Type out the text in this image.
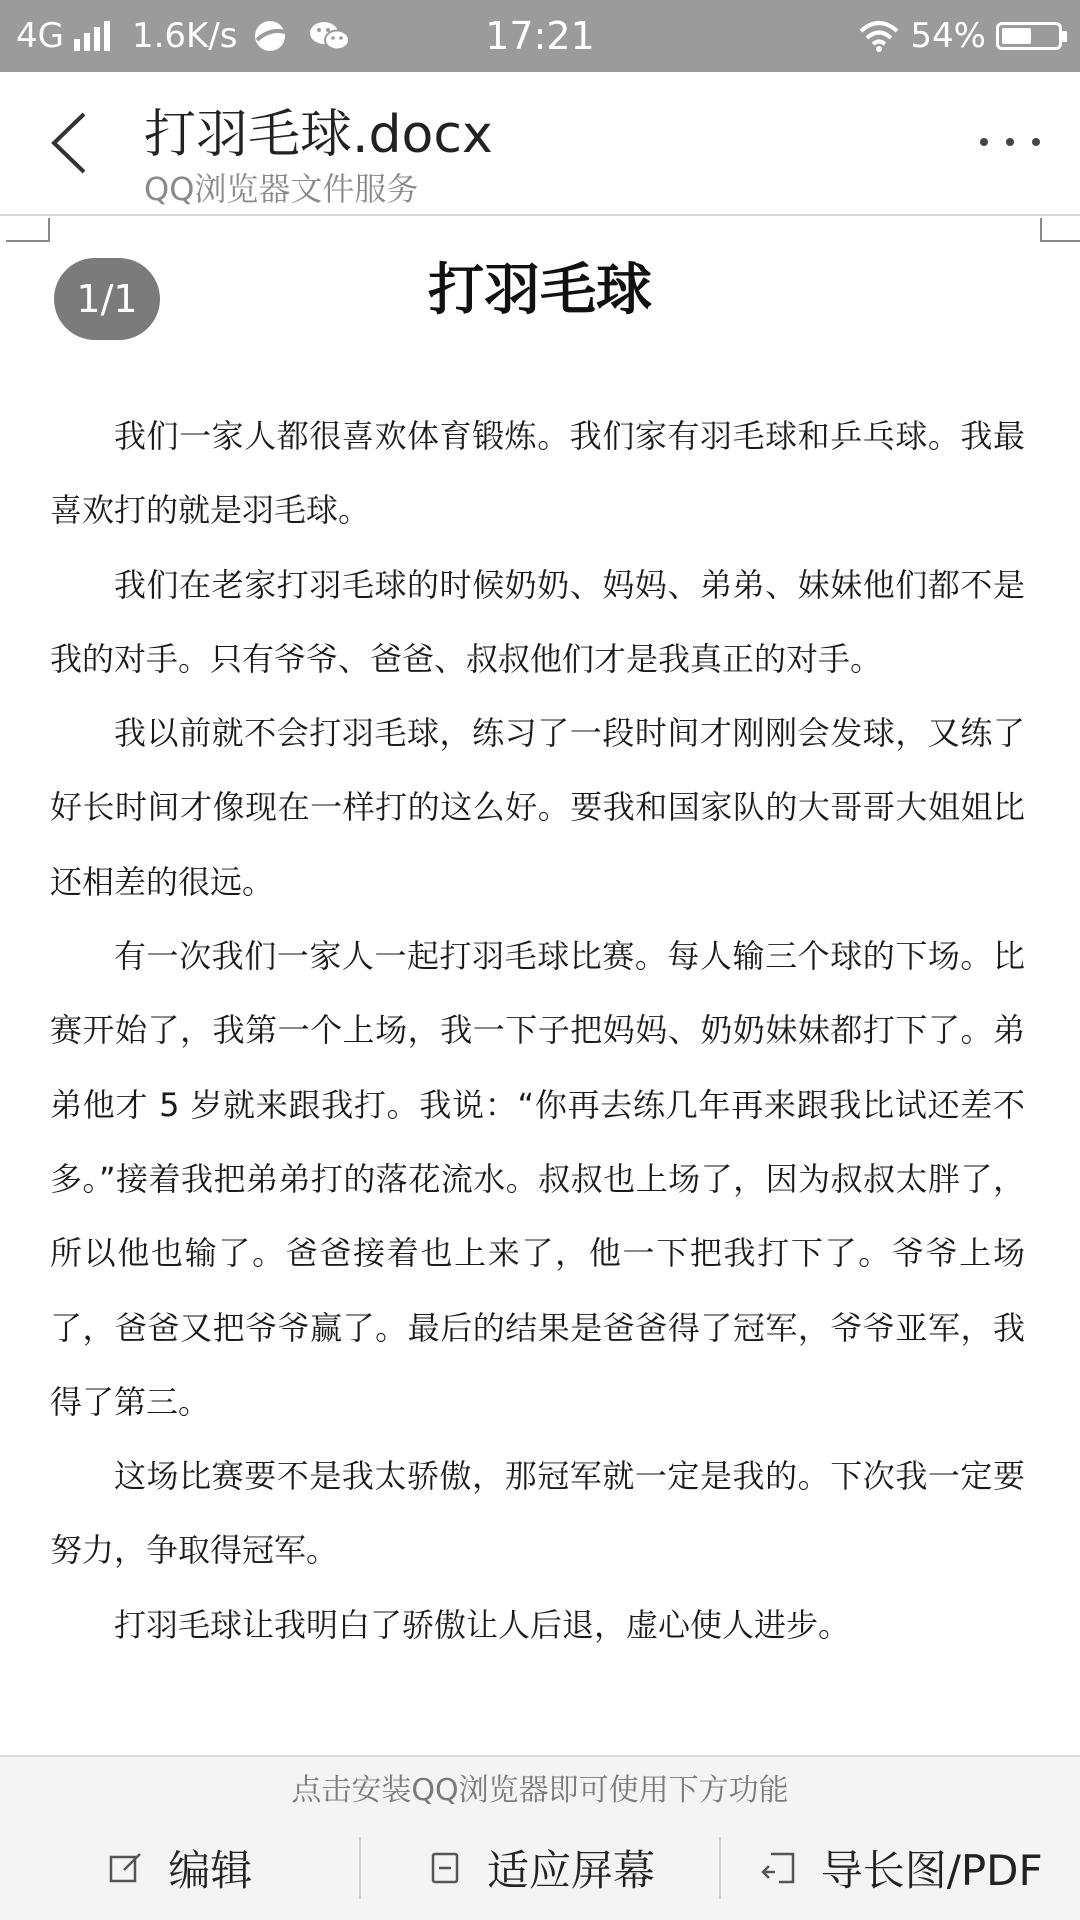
4G 1.6K/s	17:21	54%
打羽毛球.docx
QQ浏览器文件服务
打羽毛球
1/1

我们一家人都很喜欢体育锻炼。我们家有羽毛球和乒乓球。我最喜欢打的就是羽毛球。

我们在老家打羽毛球的时候奶奶、妈妈、弟弟、妹妹他们都不是我的对手。只有爷爷、爸爸、叔叔他们才是我真正的对手。

我以前就不会打羽毛球，练习了一段时间才刚刚会发球，又练了好长时间才像现在一样打的这么好。要我和国家队的大哥哥大姐姐比还相差的很远。

有一次我们一家人一起打羽毛球比赛。每人输三个球的下场。比赛开始了，我第一个上场，我一下子把妈妈、奶奶妹妹都打下了。弟弟他才 5 岁就来跟我打。我说：“你再去练几年再来跟我比试还差不多。”接着我把弟弟打的落花流水。叔叔也上场了，因为叔叔太胖了，所以他也输了。爸爸接着也上来了，他一下把我打下了。爷爷上场了，爸爸又把爷爷赢了。最后的结果是爸爸得了冠军，爷爷亚军，我得了第三。

这场比赛要不是我太骄傲，那冠军就一定是我的。下次我一定要努力，争取得冠军。

打羽毛球让我明白了骄傲让人后退，虚心使人进步。

点击安装QQ浏览器即可使用下方功能
编辑	适应屏幕	导长图/PDF
